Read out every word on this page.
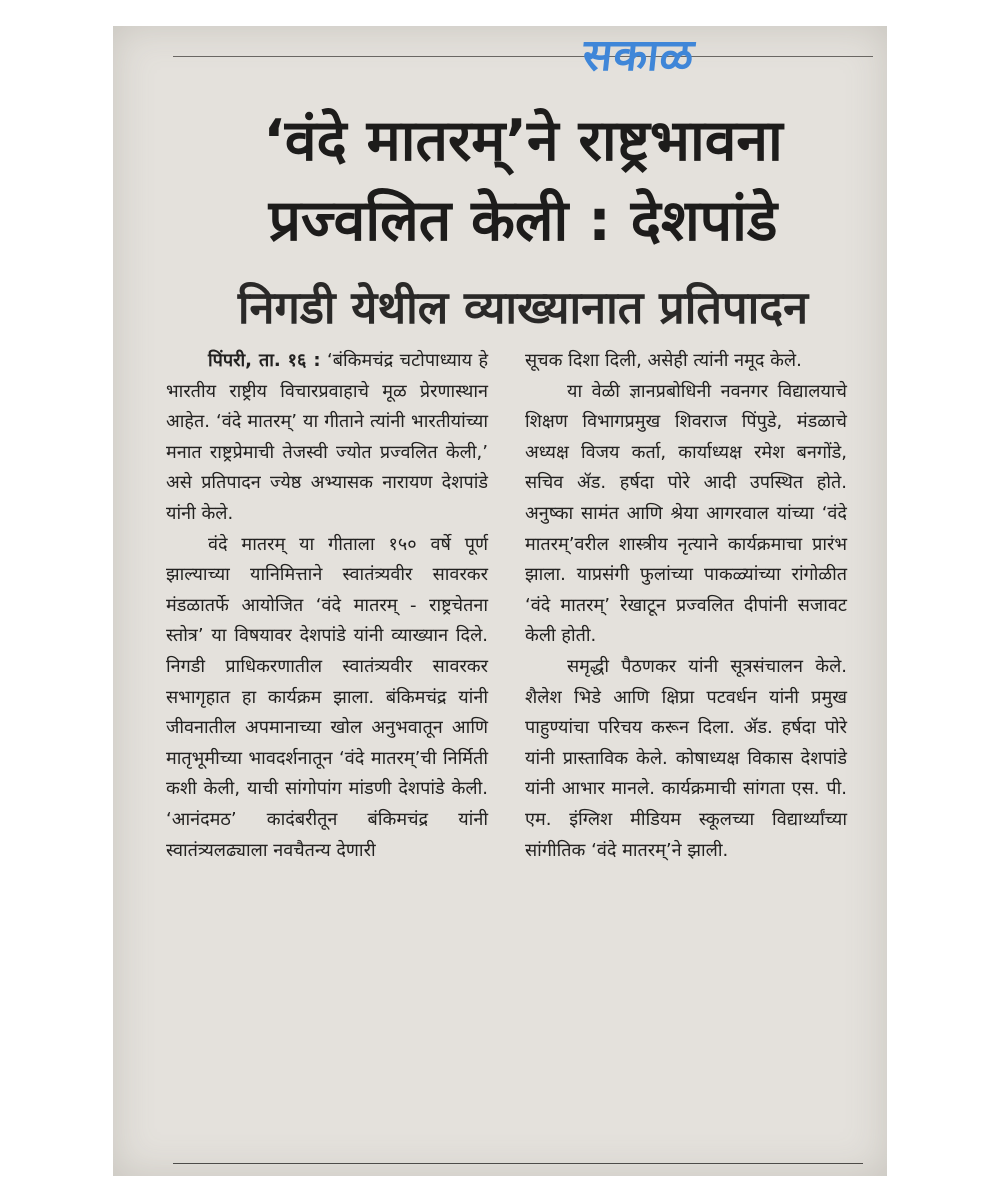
सकाळ
‘वंदे मातरम्’ने राष्ट्रभावना प्रज्वलित केली : देशपांडे
निगडी येथील व्याख्यानात प्रतिपादन

पिंपरी, ता. १६ : ‘बंकिमचंद्र चटोपाध्याय हे भारतीय राष्ट्रीय विचारप्रवाहाचे मूळ प्रेरणास्थान आहेत. ‘वंदे मातरम्’ या गीताने त्यांनी भारतीयांच्या मनात राष्ट्रप्रेमाची तेजस्वी ज्योत प्रज्वलित केली,’ असे प्रतिपादन ज्येष्ठ अभ्यासक नारायण देशपांडे यांनी केले.

वंदे मातरम् या गीताला १५० वर्षे पूर्ण झाल्याच्या यानिमित्ताने स्वातंत्र्यवीर सावरकर मंडळातर्फे आयोजित ‘वंदे मातरम् - राष्ट्रचेतना स्तोत्र’ या विषयावर देशपांडे यांनी व्याख्यान दिले. निगडी प्राधिकरणातील स्वातंत्र्यवीर सावरकर सभागृहात हा कार्यक्रम झाला. बंकिमचंद्र यांनी जीवनातील अपमानाच्या खोल अनुभवातून आणि मातृभूमीच्या भावदर्शनातून ‘वंदे मातरम्’ची निर्मिती कशी केली, याची सांगोपांग मांडणी देशपांडे केली. ‘आनंदमठ’ कादंबरीतून बंकिमचंद्र यांनी स्वातंत्र्यलढ्याला नवचैतन्य देणारी

सूचक दिशा दिली, असेही त्यांनी नमूद केले.

या वेळी ज्ञानप्रबोधिनी नवनगर विद्यालयाचे शिक्षण विभागप्रमुख शिवराज पिंपुडे, मंडळाचे अध्यक्ष विजय कर्ता, कार्याध्यक्ष रमेश बनगोंडे, सचिव ॲड. हर्षदा पोरे आदी उपस्थित होते. अनुष्का सामंत आणि श्रेया आगरवाल यांच्या ‘वंदे मातरम्’वरील शास्त्रीय नृत्याने कार्यक्रमाचा प्रारंभ झाला. याप्रसंगी फुलांच्या पाकळ्यांच्या रांगोळीत ‘वंदे मातरम्’ रेखाटून प्रज्वलित दीपांनी सजावट केली होती.

समृद्धी पैठणकर यांनी सूत्रसंचालन केले. शैलेश भिडे आणि क्षिप्रा पटवर्धन यांनी प्रमुख पाहुण्यांचा परिचय करून दिला. ॲड. हर्षदा पोरे यांनी प्रास्ताविक केले. कोषाध्यक्ष विकास देशपांडे यांनी आभार मानले. कार्यक्रमाची सांगता एस. पी. एम. इंग्लिश मीडियम स्कूलच्या विद्यार्थ्यांच्या सांगीतिक ‘वंदे मातरम्’ने झाली.
